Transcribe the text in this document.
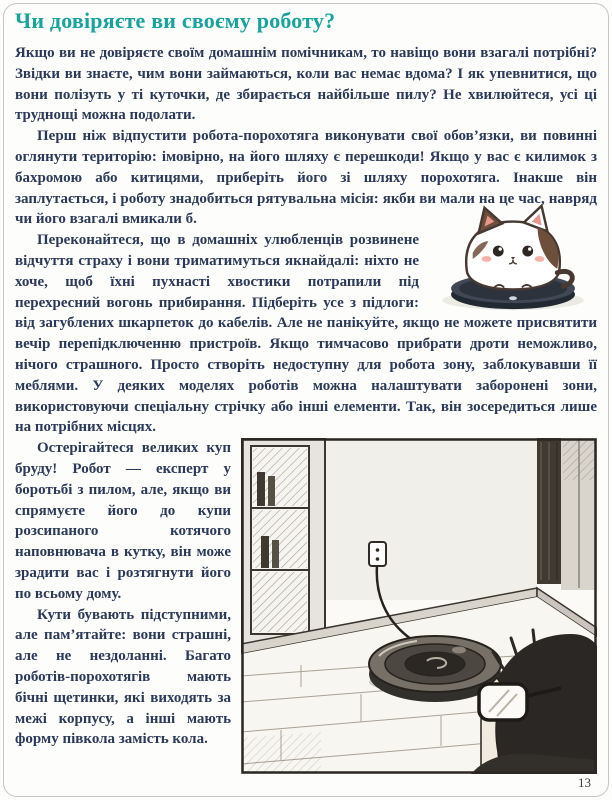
Чи довіряєте ви своєму роботу?

Якщо ви не довіряєте своїм домашнім помічникам, то навіщо вони взагалі потрібні? Звідки ви знаєте, чим вони займаються, коли вас немає вдома? І як упевнитися, що вони полізуть у ті куточки, де збирається найбільше пилу? Не хвилюйтеся, усі ці труднощі можна подолати.

Перш ніж відпустити робота-порохотяга виконувати свої обов’язки, ви повинні оглянути територію: імовірно, на його шляху є перешкоди! Якщо у вас є килимок з бахромою або китицями, приберіть його зі шляху порохотяга. Інакше він заплутається, і роботу знадобиться рятувальна місія: якби ви мали на це час, навряд чи його взагалі вмикали б.

Переконайтеся, що в домашніх улюбленців розвинене відчуття страху і вони триматимуться якнайдалі: ніхто не хоче, щоб їхні пухнасті хвостики потрапили під перехресний вогонь прибирання. Підберіть усе з підлоги: від загублених шкарпеток до кабелів. Але не панікуйте, якщо не можете присвятити вечір перепідключенню пристроїв. Якщо тимчасово прибрати дроти неможливо, нічого страшного. Просто створіть недоступну для робота зону, заблокувавши її меблями. У деяких моделях роботів можна налаштувати заборонені зони, використовуючи спеціальну стрічку або інші елементи. Так, він зосередиться лише на потрібних місцях.

Остерігайтеся великих куп бруду! Робот — експерт у боротьбі з пилом, але, якщо ви спрямуєте його до купи розсипаного котячого наповнювача в кутку, він може зрадити вас і розтягнути його по всьому дому.

Кути бувають підступними, але пам’ятайте: вони страшні, але не нездоланні. Багато роботів-порохотягів мають бічні щетинки, які виходять за межі корпусу, а інші мають форму півкола замість кола.

13
